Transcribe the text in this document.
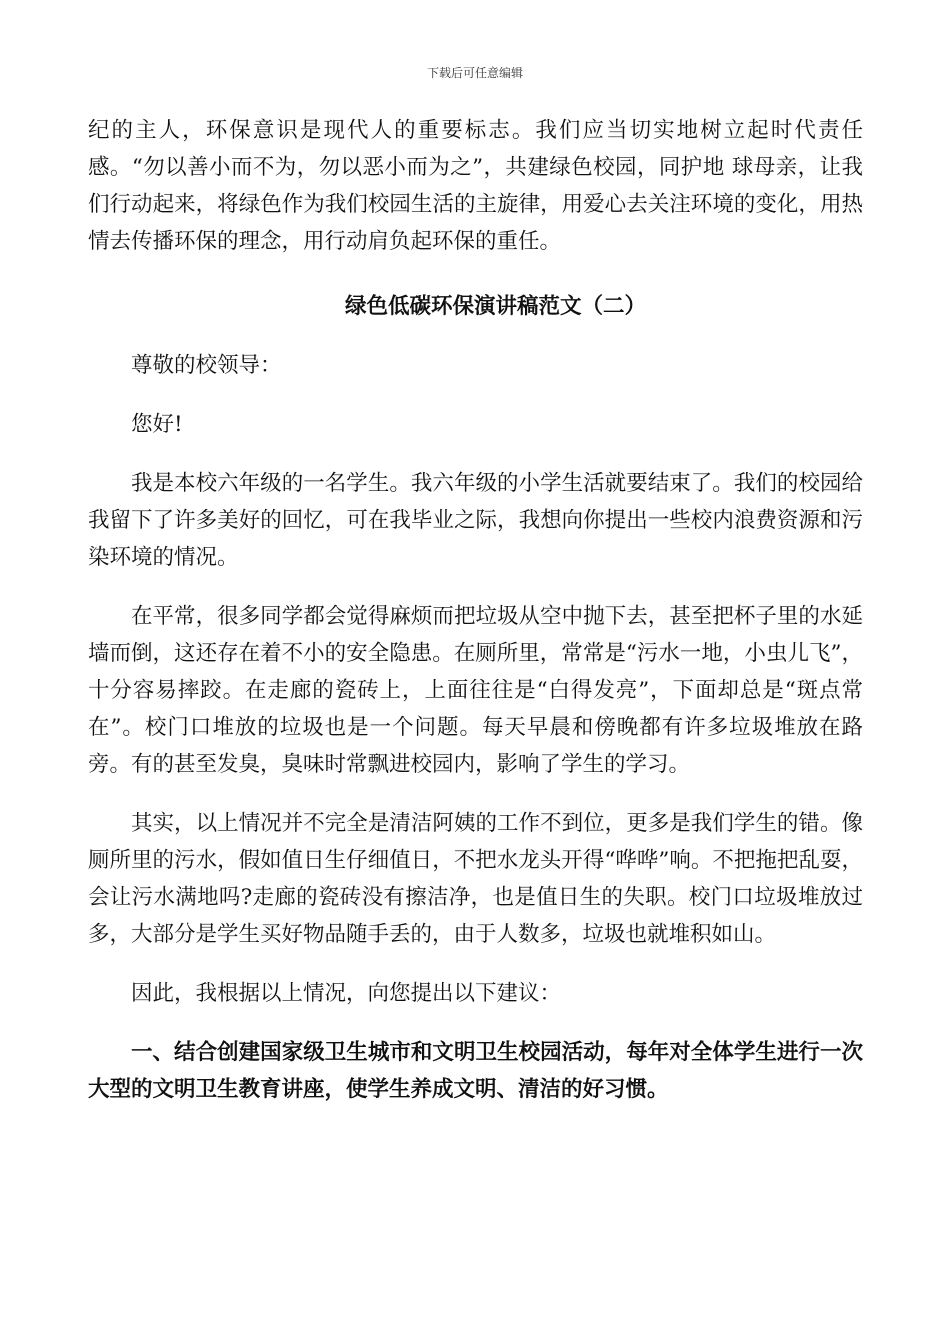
下载后可任意编辑

纪的主人，环保意识是现代人的重要标志。我们应当切实地树立起时代责任感。“勿以善小而不为，勿以恶小而为之”，共建绿色校园，同护地 球母亲，让我们行动起来，将绿色作为我们校园生活的主旋律，用爱心去关注环境的变化，用热情去传播环保的理念，用行动肩负起环保的重任。

绿色低碳环保演讲稿范文（二）

尊敬的校领导：

您好!

我是本校六年级的一名学生。我六年级的小学生活就要结束了。我们的校园给我留下了许多美好的回忆，可在我毕业之际，我想向你提出一些校内浪费资源和污染环境的情况。

在平常，很多同学都会觉得麻烦而把垃圾从空中抛下去，甚至把杯子里的水延墙而倒，这还存在着不小的安全隐患。在厕所里，常常是“污水一地，小虫儿飞”，十分容易摔跤。在走廊的瓷砖上，上面往往是“白得发亮”，下面却总是“斑点常在”。校门口堆放的垃圾也是一个问题。每天早晨和傍晚都有许多垃圾堆放在路旁。有的甚至发臭，臭味时常飘进校园内，影响了学生的学习。

其实，以上情况并不完全是清洁阿姨的工作不到位，更多是我们学生的错。像厕所里的污水，假如值日生仔细值日，不把水龙头开得“哗哗”响。不把拖把乱耍，会让污水满地吗?走廊的瓷砖没有擦洁净，也是值日生的失职。校门口垃圾堆放过多，大部分是学生买好物品随手丢的，由于人数多，垃圾也就堆积如山。

因此，我根据以上情况，向您提出以下建议：

一、结合创建国家级卫生城市和文明卫生校园活动，每年对全体学生进行一次大型的文明卫生教育讲座，使学生养成文明、清洁的好习惯。
